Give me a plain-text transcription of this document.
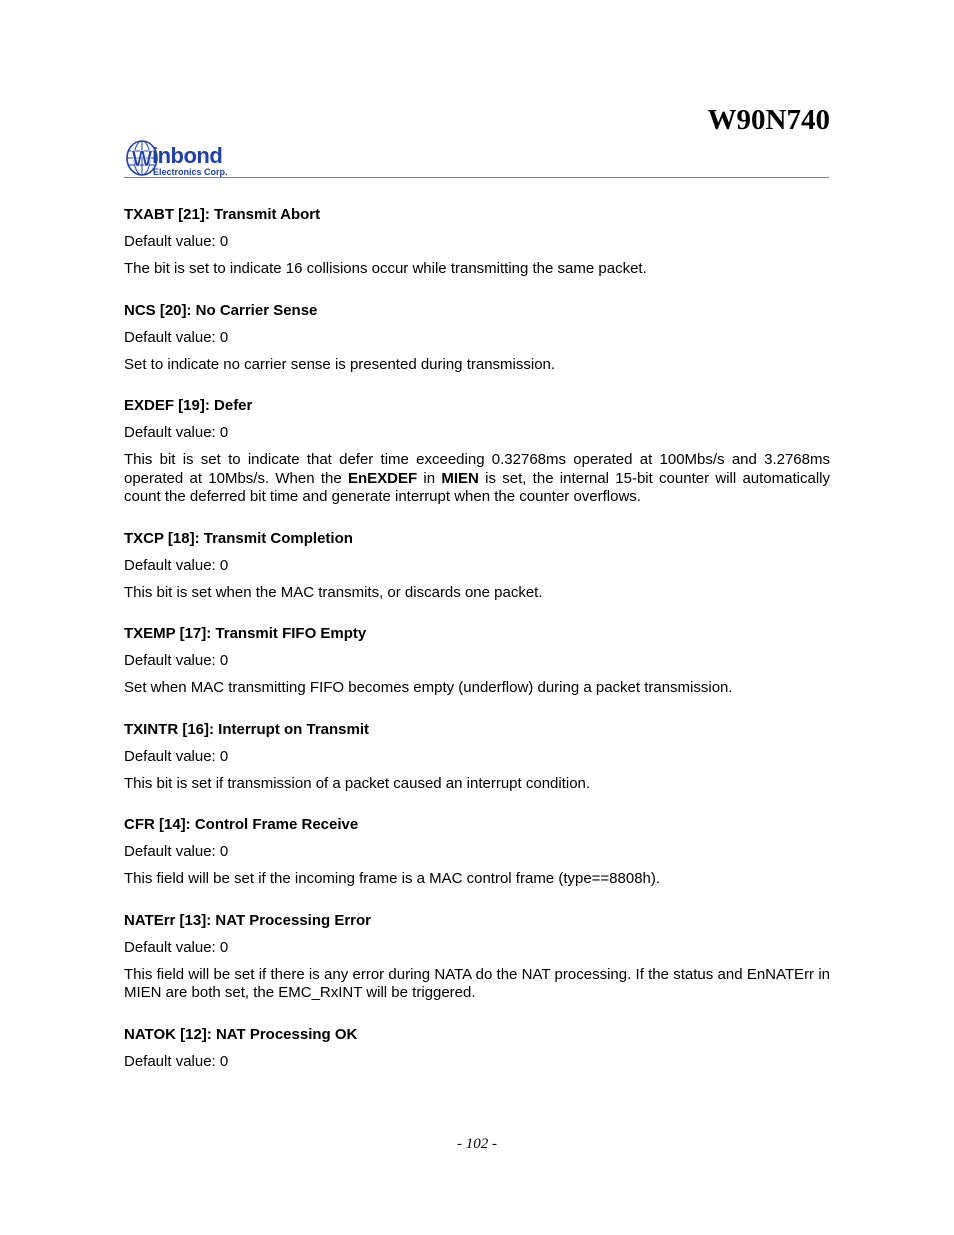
W90N740
W inbond
Electronics Corp.

TXABT [21]: Transmit Abort

Default value: 0

The bit is set to indicate 16 collisions occur while transmitting the same packet.

NCS [20]: No Carrier Sense

Default value: 0

Set to indicate no carrier sense is presented during transmission.

EXDEF [19]: Defer

Default value: 0

This bit is set to indicate that defer time exceeding 0.32768ms operated at 100Mbs/s and 3.2768ms operated at 10Mbs/s. When the EnEXDEF in MIEN is set, the internal 15-bit counter will automatically count the deferred bit time and generate interrupt when the counter overflows.

TXCP [18]: Transmit Completion

Default value: 0

This bit is set when the MAC transmits, or discards one packet.

TXEMP [17]: Transmit FIFO Empty

Default value: 0

Set when MAC transmitting FIFO becomes empty (underflow) during a packet transmission.

TXINTR [16]: Interrupt on Transmit

Default value: 0

This bit is set if transmission of a packet caused an interrupt condition.

CFR [14]: Control Frame Receive

Default value: 0

This field will be set if the incoming frame is a MAC control frame (type==8808h).

NATErr [13]: NAT Processing Error

Default value: 0

This field will be set if there is any error during NATA do the NAT processing. If the status and EnNATErr in MIEN are both set, the EMC_RxINT will be triggered.

NATOK [12]: NAT Processing OK

Default value: 0

- 102 -
